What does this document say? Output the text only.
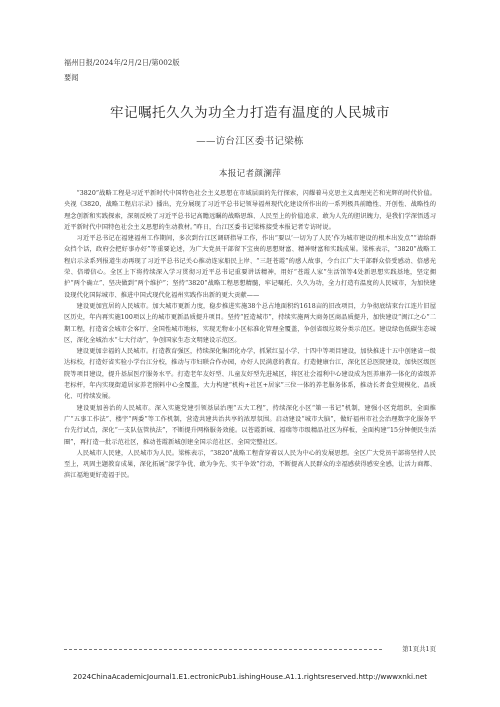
福州日报/2024年/2月/2日/第002版
要闻
牢记嘱托久久为功全力打造有温度的人民城市
——访台江区委书记梁栋
本报记者颜澜萍

“3820”战略工程是习近平新时代中国特色社会主义思想在市域层面的先行探索，闪耀着马克思主义真理光芒和光辉的时代价值。央视《3820，战略工程启示录》播出，充分展现了习近平总书记领导福州现代化建设所作出的一系列极具前瞻性、开创性、战略性的理念创新和实践探索，深刻反映了习近平总书记高瞻远瞩的战略思维、人民至上的价值追求、敢为人先的胆识魄力，是我们学深悟透习近平新时代中国特色社会主义思想的生动教材。”昨日，台江区委书记梁栋接受本报记者专访时说。

习近平总书记在福建福州工作期间，多次到台江区调研指导工作，作出“要以‘一切为了人民’作为城市建设的根本出发点”“请给群众挡个话，政府会把好事办好”等重要论述，为广大党员干部留下宝贵的思想财富、精神财富和实践成果。梁栋表示，“3820”战略工程启示录系列报道生动再现了习近平总书记关心推动连家船民上岸、“三赶苍霞”的感人故事，令台江广大干部群众倍受感动、倍感光荣、倍增信心。全区上下将持续深入学习贯彻习近平总书记重要讲话精神，用好“苍霞人家”生活馆等4处新思想实践基地，坚定拥护“两个确立”、坚决做到“两个维护”；坚持“3820”战略工程思想精髓，牢记嘱托、久久为功，全力打造有温度的人民城市，为加快建设现代化国际城市、推进中国式现代化福州实践作出新的更大贡献——

建设更加宜居的人民城市。加大城市更新力度，稳步推进实施38个总占地面积约1618亩的旧改项目，力争彻底结束台江连片旧屋区历史，年内再实施100项以上的城市更新品质提升项目。坚持“匠造城市”，持续实施两大商务区商品质提升，加快建设“闽江之心”二期工程，打造省会城市会客厅、全国性城市地标，实现无物业小区标准化管理全覆盖，争创省级垃圾分类示范区。建设绿色低碳生态城区，深化全城治水“七大行动”，争创国家生态文明建设示范区。

建设更加幸福的人民城市。打造教育强区，持续深化集团化办学，抓紧红星小学、十四中等项目建设，加快推进十五中创建省一级达标校，打造好省实验小学台江分校，推动与市妇联合作办园，办好人民满意的教育。打造健康台江，深化区总医院建设，加快区级医院等项目建设，提升基层医疗服务水平。打造老年友好型、儿童友好型先进城区，将区社会福利中心建设成为医养康养一体化的省级养老标杆，年内实现街道居家养老照料中心全覆盖，大力构建“机构+社区+居家”三位一体的养老服务体系，推动长者食堂规模化、品质化、可持续发展。

建设更加善治的人民城市。深入实施党建引领基层治理“五大工程”，持续深化小区“第一书记”机制，建强小区党组织，全面推广“五事工作法”、楼宇“两委”等工作机制，营造共建共治共享的浓厚氛围。启动建设“城市大脑”，做好福州市社会治理数字化服务平台先行试点，深化“一支队伍管执法”，不断提升网格服务效能。以苍霞新城、福瑞等市级精品社区为样板，全面构建“15分钟便民生活圈”，再打造一批示范社区，推动苍霞新城创建全国示范社区、全国完整社区。

人民城市人民建，人民城市为人民。梁栋表示，“3820”战略工程背穿着以人民为中心的发展思想。全区广大党员干部将坚持人民至上，巩固主题教育成果，深化拓展“深学争优、敢为争先、实干争效”行动，不断提高人民群众的幸福感获得感安全感，让活力商都、滨江福地更好造福于民。

第1页共1页
2024ChinaAcademicJournal1.E1.ectronicPub1.ishingHouse.A1.1.rightsreserved.http://wwwxnki.net
